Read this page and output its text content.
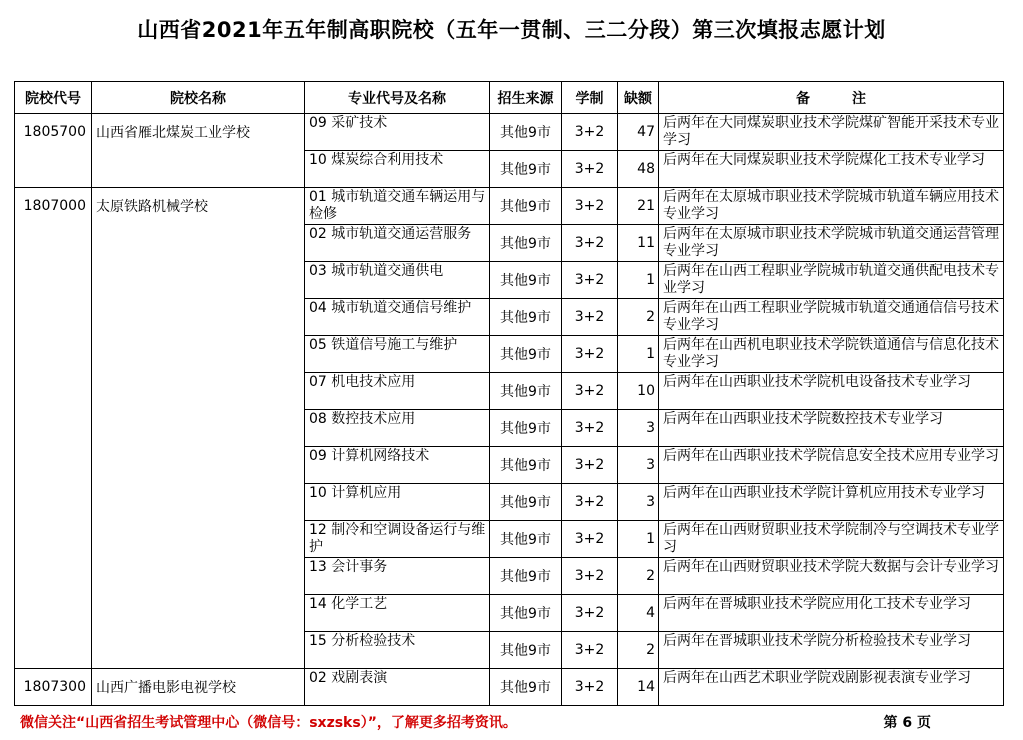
山西省2021年五年制高职院校（五年一贯制、三二分段）第三次填报志愿计划
院校代号	院校名称	专业代号及名称	招生来源	学制	缺额	备　　　注
1805700	山西省雁北煤炭工业学校	09 采矿技术	其他9市	3+2	47	后两年在大同煤炭职业技术学院煤矿智能开采技术专业学习
		10 煤炭综合利用技术	其他9市	3+2	48	后两年在大同煤炭职业技术学院煤化工技术专业学习
1807000	太原铁路机械学校	01 城市轨道交通车辆运用与检修	其他9市	3+2	21	后两年在太原城市职业技术学院城市轨道车辆应用技术专业学习
		02 城市轨道交通运营服务	其他9市	3+2	11	后两年在太原城市职业技术学院城市轨道交通运营管理专业学习
		03 城市轨道交通供电	其他9市	3+2	1	后两年在山西工程职业学院城市轨道交通供配电技术专业学习
		04 城市轨道交通信号维护	其他9市	3+2	2	后两年在山西工程职业学院城市轨道交通通信信号技术专业学习
		05 铁道信号施工与维护	其他9市	3+2	1	后两年在山西机电职业技术学院铁道通信与信息化技术专业学习
		07 机电技术应用	其他9市	3+2	10	后两年在山西职业技术学院机电设备技术专业学习
		08 数控技术应用	其他9市	3+2	3	后两年在山西职业技术学院数控技术专业学习
		09 计算机网络技术	其他9市	3+2	3	后两年在山西职业技术学院信息安全技术应用专业学习
		10 计算机应用	其他9市	3+2	3	后两年在山西职业技术学院计算机应用技术专业学习
		12 制冷和空调设备运行与维护	其他9市	3+2	1	后两年在山西财贸职业技术学院制冷与空调技术专业学习
		13 会计事务	其他9市	3+2	2	后两年在山西财贸职业技术学院大数据与会计专业学习
		14 化学工艺	其他9市	3+2	4	后两年在晋城职业技术学院应用化工技术专业学习
		15 分析检验技术	其他9市	3+2	2	后两年在晋城职业技术学院分析检验技术专业学习
1807300	山西广播电影电视学校	02 戏剧表演	其他9市	3+2	14	后两年在山西艺术职业学院戏剧影视表演专业学习
微信关注“山西省招生考试管理中心（微信号：sxzsks）”，了解更多招考资讯。	第 6 页
